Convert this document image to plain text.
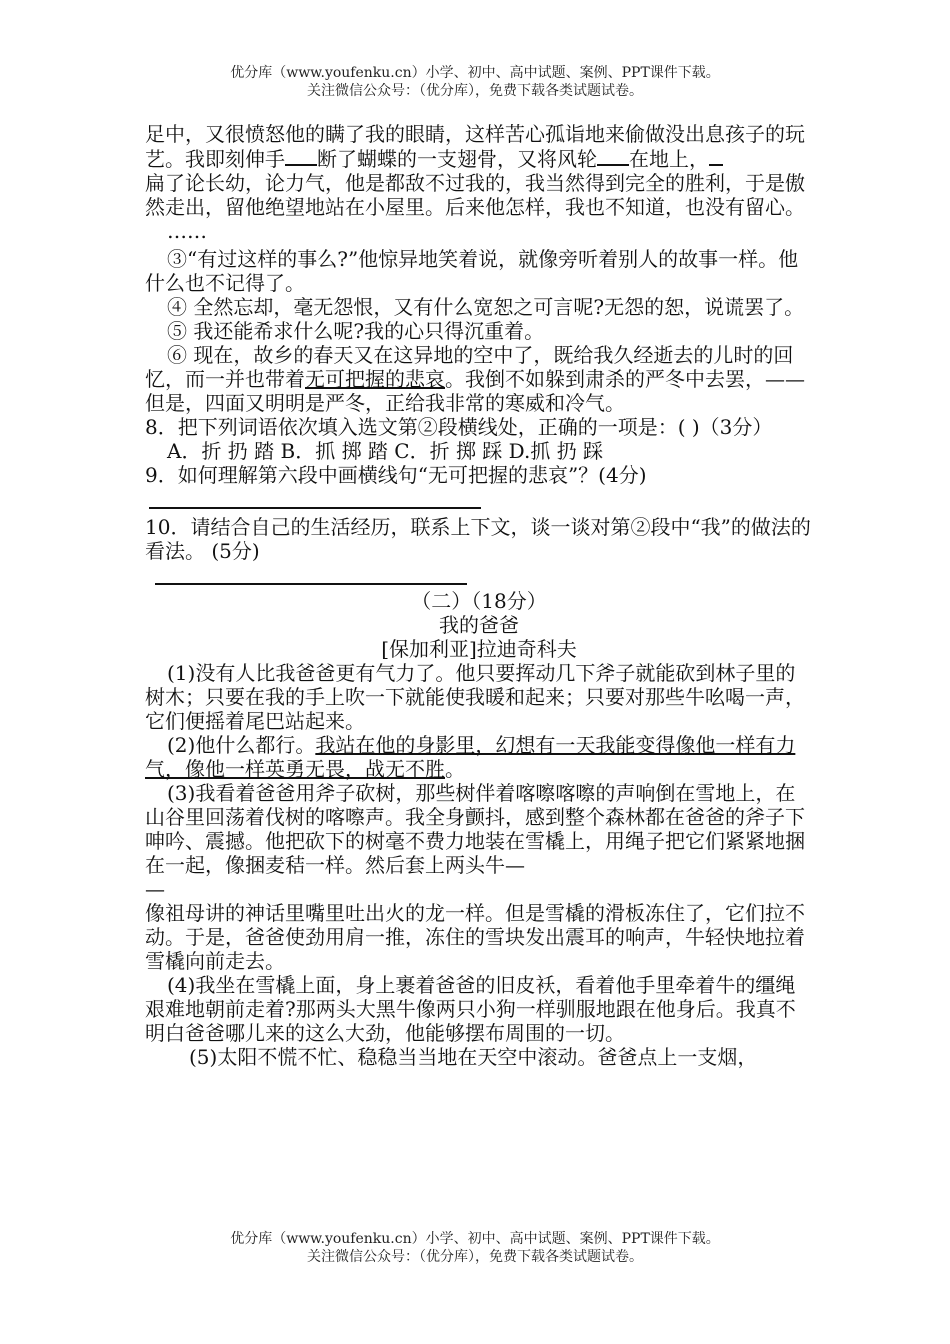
优分库（www.youfenku.cn）小学、初中、高中试题、案例、PPT课件下载。
关注微信公众号：（优分库），免费下载各类试题试卷。

足中，又很愤怒他的瞒了我的眼睛，这样苦心孤诣地来偷做没出息孩子的玩艺。我即刻伸手 断了蝴蝶的一支翅骨，又将风轮 在地上，

扁了论长幼，论力气，他是都敌不过我的，我当然得到完全的胜利，于是傲然走出，留他绝望地站在小屋里。后来他怎样，我也不知道，也没有留心。

……

③“有过这样的事么?”他惊异地笑着说，就像旁听着别人的故事一样。他什么也不记得了。

④ 全然忘却，毫无怨恨，又有什么宽恕之可言呢?无怨的恕，说谎罢了。

⑤ 我还能希求什么呢?我的心只得沉重着。

⑥ 现在，故乡的春天又在这异地的空中了，既给我久经逝去的儿时的回忆，而一并也带着无可把握的悲哀。我倒不如躲到肃杀的严冬中去罢，——但是，四面又明明是严冬，正给我非常的寒威和冷气。

8．把下列词语依次填入选文第②段横线处，正确的一项是：( )（3分）

A．折 扔 踏 B．抓 掷 踏 C．折 掷 踩 D.抓 扔 踩

9．如何理解第六段中画横线句“无可把握的悲哀”？(4分)

10．请结合自己的生活经历，联系上下文，谈一谈对第②段中“我”的做法的看法。 (5分)

（二）（18分）

我的爸爸

[保加利亚]拉迪奇科夫

(1)没有人比我爸爸更有气力了。他只要挥动几下斧子就能砍到林子里的树木；只要在我的手上吹一下就能使我暖和起来；只要对那些牛吆喝一声，它们便摇着尾巴站起来。

(2)他什么都行。我站在他的身影里，幻想有一天我能变得像他一样有力气，像他一样英勇无畏，战无不胜。

(3)我看着爸爸用斧子砍树，那些树伴着喀嚓喀嚓的声响倒在雪地上，在山谷里回荡着伐树的喀嚓声。我全身颤抖，感到整个森林都在爸爸的斧子下呻吟、震撼。他把砍下的树毫不费力地装在雪橇上，用绳子把它们紧紧地捆在一起，像捆麦秸一样。然后套上两头牛—

—

像祖母讲的神话里嘴里吐出火的龙一样。但是雪橇的滑板冻住了，它们拉不动。于是，爸爸使劲用肩一推，冻住的雪块发出震耳的响声，牛轻快地拉着雪橇向前走去。

(4)我坐在雪橇上面，身上裹着爸爸的旧皮袄，看着他手里牵着牛的缰绳艰难地朝前走着?那两头大黑牛像两只小狗一样驯服地跟在他身后。我真不明白爸爸哪儿来的这么大劲，他能够摆布周围的一切。

(5)太阳不慌不忙、稳稳当当地在天空中滚动。爸爸点上一支烟，

优分库（www.youfenku.cn）小学、初中、高中试题、案例、PPT课件下载。
关注微信公众号：（优分库），免费下载各类试题试卷。
